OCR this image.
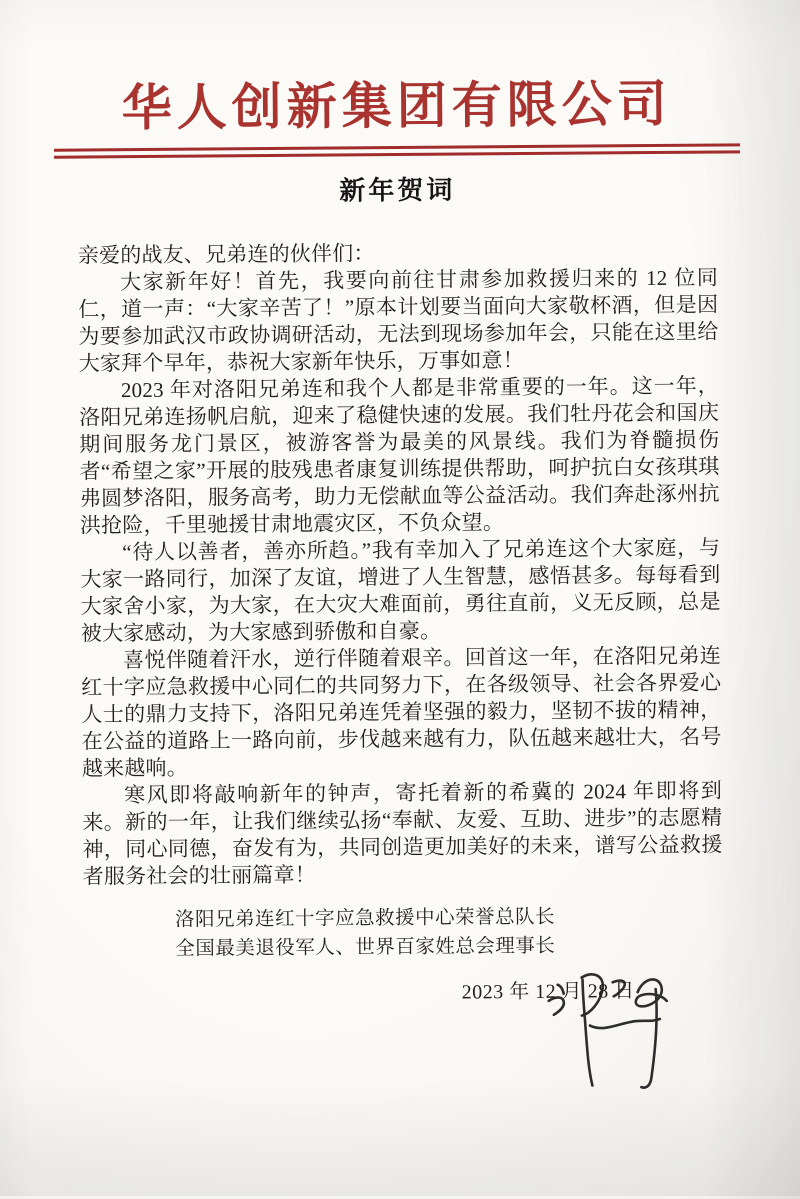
华人创新集团有限公司
新年贺词

亲爱的战友、兄弟连的伙伴们：

大家新年好！首先，我要向前往甘肃参加救援归来的 12 位同仁，道一声：“大家辛苦了！”原本计划要当面向大家敬杯酒，但是因为要参加武汉市政协调研活动，无法到现场参加年会，只能在这里给大家拜个早年，恭祝大家新年快乐，万事如意！

2023 年对洛阳兄弟连和我个人都是非常重要的一年。这一年，洛阳兄弟连扬帆启航，迎来了稳健快速的发展。我们牡丹花会和国庆期间服务龙门景区，被游客誉为最美的风景线。我们为脊髓损伤者“希望之家”开展的肢残患者康复训练提供帮助，呵护抗白女孩琪琪弗圆梦洛阳，服务高考，助力无偿献血等公益活动。我们奔赴涿州抗洪抢险，千里驰援甘肃地震灾区，不负众望。

“待人以善者，善亦所趋。”我有幸加入了兄弟连这个大家庭，与大家一路同行，加深了友谊，增进了人生智慧，感悟甚多。每每看到大家舍小家，为大家，在大灾大难面前，勇往直前，义无反顾，总是被大家感动，为大家感到骄傲和自豪。

喜悦伴随着汗水，逆行伴随着艰辛。回首这一年，在洛阳兄弟连红十字应急救援中心同仁的共同努力下，在各级领导、社会各界爱心人士的鼎力支持下，洛阳兄弟连凭着坚强的毅力，坚韧不拔的精神，在公益的道路上一路向前，步伐越来越有力，队伍越来越壮大，名号越来越响。

寒风即将敲响新年的钟声，寄托着新的希冀的 2024 年即将到来。新的一年，让我们继续弘扬“奉献、友爱、互助、进步”的志愿精神，同心同德，奋发有为，共同创造更加美好的未来，谱写公益救援者服务社会的壮丽篇章！

洛阳兄弟连红十字应急救援中心荣誉总队长
全国最美退役军人、世界百家姓总会理事长
2023 年 12 月 28 日
